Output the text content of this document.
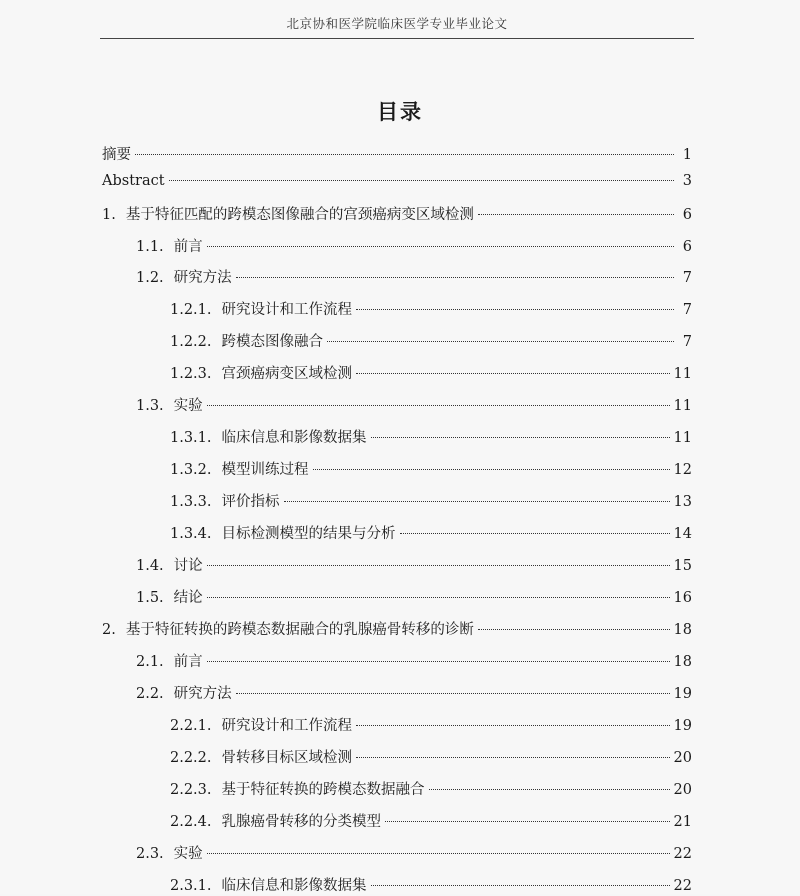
北京协和医学院临床医学专业毕业论文
目录
摘要	1
Abstract	3
1. 基于特征匹配的跨模态图像融合的宫颈癌病变区域检测	6
1.1. 前言	6
1.2. 研究方法	7
1.2.1. 研究设计和工作流程	7
1.2.2. 跨模态图像融合	7
1.2.3. 宫颈癌病变区域检测	11
1.3. 实验	11
1.3.1. 临床信息和影像数据集	11
1.3.2. 模型训练过程	12
1.3.3. 评价指标	13
1.3.4. 目标检测模型的结果与分析	14
1.4. 讨论	15
1.5. 结论	16
2. 基于特征转换的跨模态数据融合的乳腺癌骨转移的诊断	18
2.1. 前言	18
2.2. 研究方法	19
2.2.1. 研究设计和工作流程	19
2.2.2. 骨转移目标区域检测	20
2.2.3. 基于特征转换的跨模态数据融合	20
2.2.4. 乳腺癌骨转移的分类模型	21
2.3. 实验	22
2.3.1. 临床信息和影像数据集	22
